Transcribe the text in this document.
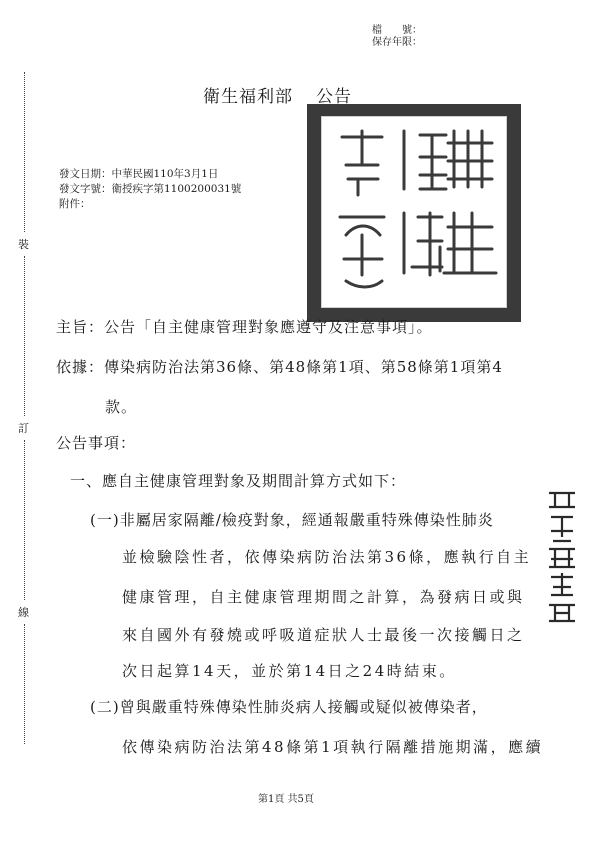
檔　　號：
保存年限：
裝
訂
線
衛生福利部 公告
發文日期：中華民國110年3月1日
發文字號：衛授疾字第1100200031號
附件：
主旨：公告「自主健康管理對象應遵守及注意事項」。
依據：傳染病防治法第36條、第48條第1項、第58條第1項第4
款。
公告事項：
一、應自主健康管理對象及期間計算方式如下：
(一)非屬居家隔離/檢疫對象，經通報嚴重特殊傳染性肺炎
並檢驗陰性者，依傳染病防治法第36條，應執行自主
健康管理，自主健康管理期間之計算，為發病日或與
來自國外有發燒或呼吸道症狀人士最後一次接觸日之
次日起算14天，並於第14日之24時結束。
(二)曾與嚴重特殊傳染性肺炎病人接觸或疑似被傳染者，
依傳染病防治法第48條第1項執行隔離措施期滿，應續
第1頁 共5頁
